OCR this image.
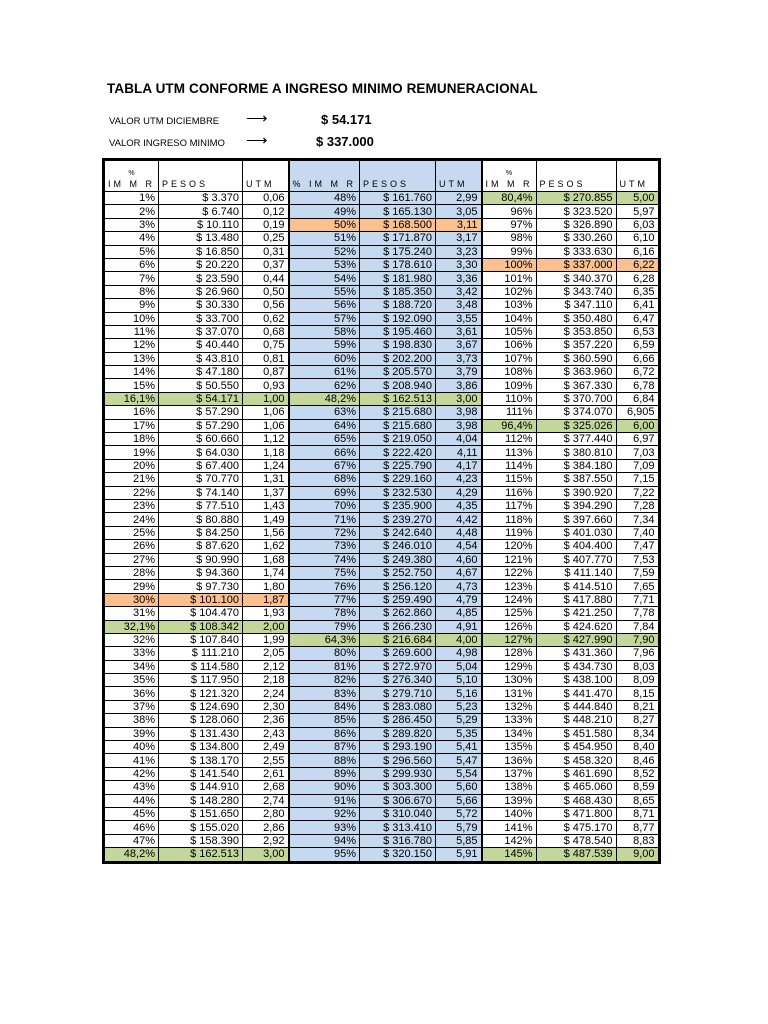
TABLA UTM CONFORME A INGRESO MINIMO REMUNERACIONAL
VALOR UTM DICIEMBRE ⟶	$ 54.171
VALOR INGRESO MINIMO ⟶	$ 337.000
%
IM M R	PESOS	UTM	% IM M R	PESOS	UTM	%
IM M R	PESOS	UTM
1%	$ 3.370	0,06	48%	$ 161.760	2,99	80,4%	$ 270.855	5,00
2%	$ 6.740	0,12	49%	$ 165.130	3,05	96%	$ 323.520	5,97
3%	$ 10.110	0,19	50%	$ 168.500	3,11	97%	$ 326.890	6,03
4%	$ 13.480	0,25	51%	$ 171.870	3,17	98%	$ 330.260	6,10
5%	$ 16.850	0,31	52%	$ 175.240	3,23	99%	$ 333.630	6,16
6%	$ 20.220	0,37	53%	$ 178.610	3,30	100%	$ 337.000	6,22
7%	$ 23.590	0,44	54%	$ 181.980	3,36	101%	$ 340.370	6,28
8%	$ 26.960	0,50	55%	$ 185.350	3,42	102%	$ 343.740	6,35
9%	$ 30.330	0,56	56%	$ 188.720	3,48	103%	$ 347.110	6,41
10%	$ 33.700	0,62	57%	$ 192.090	3,55	104%	$ 350.480	6,47
11%	$ 37.070	0,68	58%	$ 195.460	3,61	105%	$ 353.850	6,53
12%	$ 40.440	0,75	59%	$ 198.830	3,67	106%	$ 357.220	6,59
13%	$ 43.810	0,81	60%	$ 202.200	3,73	107%	$ 360.590	6,66
14%	$ 47.180	0,87	61%	$ 205.570	3,79	108%	$ 363.960	6,72
15%	$ 50.550	0,93	62%	$ 208.940	3,86	109%	$ 367.330	6,78
16,1%	$ 54.171	1,00	48,2%	$ 162.513	3,00	110%	$ 370.700	6,84
16%	$ 57.290	1,06	63%	$ 215.680	3,98	111%	$ 374.070	6,905
17%	$ 57.290	1,06	64%	$ 215.680	3,98	96,4%	$ 325.026	6,00
18%	$ 60.660	1,12	65%	$ 219.050	4,04	112%	$ 377.440	6,97
19%	$ 64.030	1,18	66%	$ 222.420	4,11	113%	$ 380.810	7,03
20%	$ 67.400	1,24	67%	$ 225.790	4,17	114%	$ 384.180	7,09
21%	$ 70.770	1,31	68%	$ 229.160	4,23	115%	$ 387.550	7,15
22%	$ 74.140	1,37	69%	$ 232.530	4,29	116%	$ 390.920	7,22
23%	$ 77.510	1,43	70%	$ 235.900	4,35	117%	$ 394.290	7,28
24%	$ 80.880	1,49	71%	$ 239.270	4,42	118%	$ 397.660	7,34
25%	$ 84.250	1,56	72%	$ 242.640	4,48	119%	$ 401.030	7,40
26%	$ 87.620	1,62	73%	$ 246.010	4,54	120%	$ 404.400	7,47
27%	$ 90.990	1,68	74%	$ 249.380	4,60	121%	$ 407.770	7,53
28%	$ 94.360	1,74	75%	$ 252.750	4,67	122%	$ 411.140	7,59
29%	$ 97.730	1,80	76%	$ 256.120	4,73	123%	$ 414.510	7,65
30%	$ 101.100	1,87	77%	$ 259.490	4,79	124%	$ 417.880	7,71
31%	$ 104.470	1,93	78%	$ 262.860	4,85	125%	$ 421.250	7,78
32,1%	$ 108.342	2,00	79%	$ 266.230	4,91	126%	$ 424.620	7,84
32%	$ 107.840	1,99	64,3%	$ 216.684	4,00	127%	$ 427.990	7,90
33%	$ 111.210	2,05	80%	$ 269.600	4,98	128%	$ 431.360	7,96
34%	$ 114.580	2,12	81%	$ 272.970	5,04	129%	$ 434.730	8,03
35%	$ 117.950	2,18	82%	$ 276.340	5,10	130%	$ 438.100	8,09
36%	$ 121.320	2,24	83%	$ 279.710	5,16	131%	$ 441.470	8,15
37%	$ 124.690	2,30	84%	$ 283.080	5,23	132%	$ 444.840	8,21
38%	$ 128.060	2,36	85%	$ 286.450	5,29	133%	$ 448.210	8,27
39%	$ 131.430	2,43	86%	$ 289.820	5,35	134%	$ 451.580	8,34
40%	$ 134.800	2,49	87%	$ 293.190	5,41	135%	$ 454.950	8,40
41%	$ 138.170	2,55	88%	$ 296.560	5,47	136%	$ 458.320	8,46
42%	$ 141.540	2,61	89%	$ 299.930	5,54	137%	$ 461.690	8,52
43%	$ 144.910	2,68	90%	$ 303.300	5,60	138%	$ 465.060	8,59
44%	$ 148.280	2,74	91%	$ 306.670	5,66	139%	$ 468.430	8,65
45%	$ 151.650	2,80	92%	$ 310.040	5,72	140%	$ 471.800	8,71
46%	$ 155.020	2,86	93%	$ 313.410	5,79	141%	$ 475.170	8,77
47%	$ 158.390	2,92	94%	$ 316.780	5,85	142%	$ 478.540	8,83
48,2%	$ 162.513	3,00	95%	$ 320.150	5,91	145%	$ 487.539	9,00
